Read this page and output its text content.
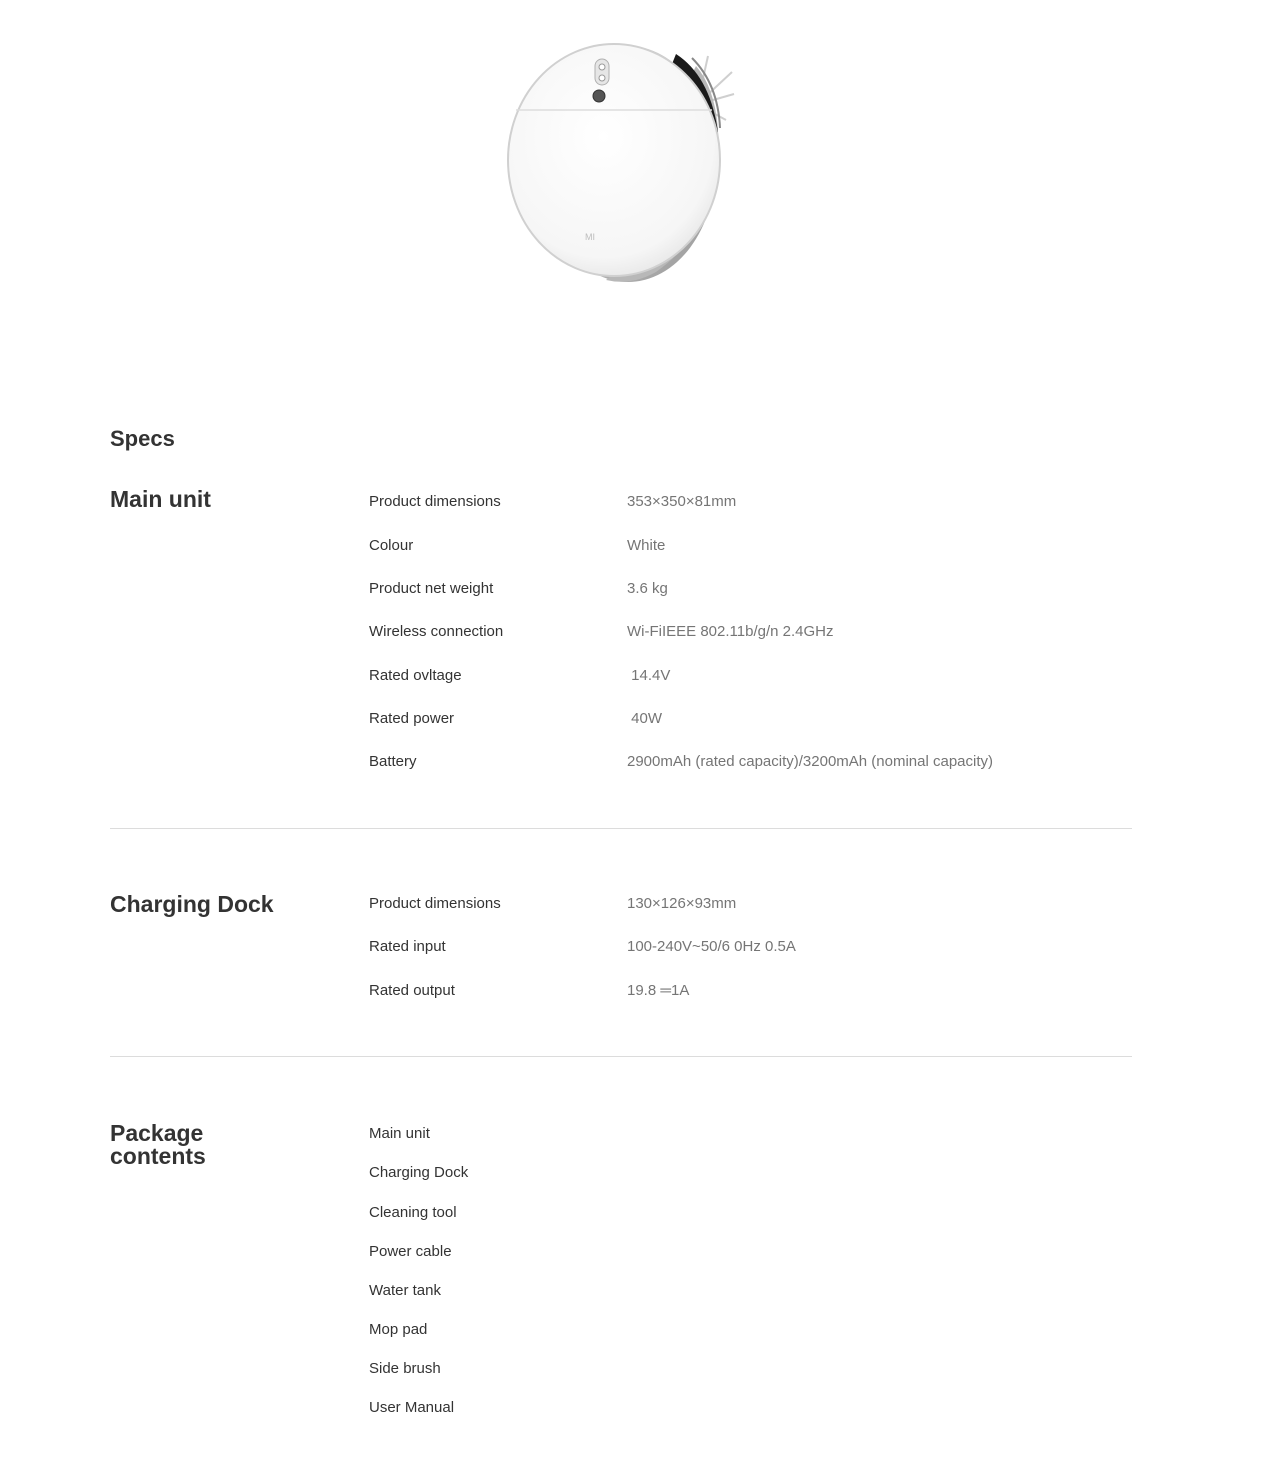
MI
Specs
Main unit	Product dimensions	353×350×81mm
Colour	White
Product net weight	3.6 kg
Wireless connection	Wi-FiIEEE 802.11b/g/n 2.4GHz
Rated ovltage	14.4V
Rated power	40W
Battery	2900mAh (rated capacity)/3200mAh (nominal capacity)
Charging Dock	Product dimensions	130×126×93mm
Rated input	100-240V~50/6 0Hz 0.5A
Rated output	19.8 ═1A
Package
contents
Main unit
Charging Dock
Cleaning tool
Power cable
Water tank
Mop pad
Side brush
User Manual
